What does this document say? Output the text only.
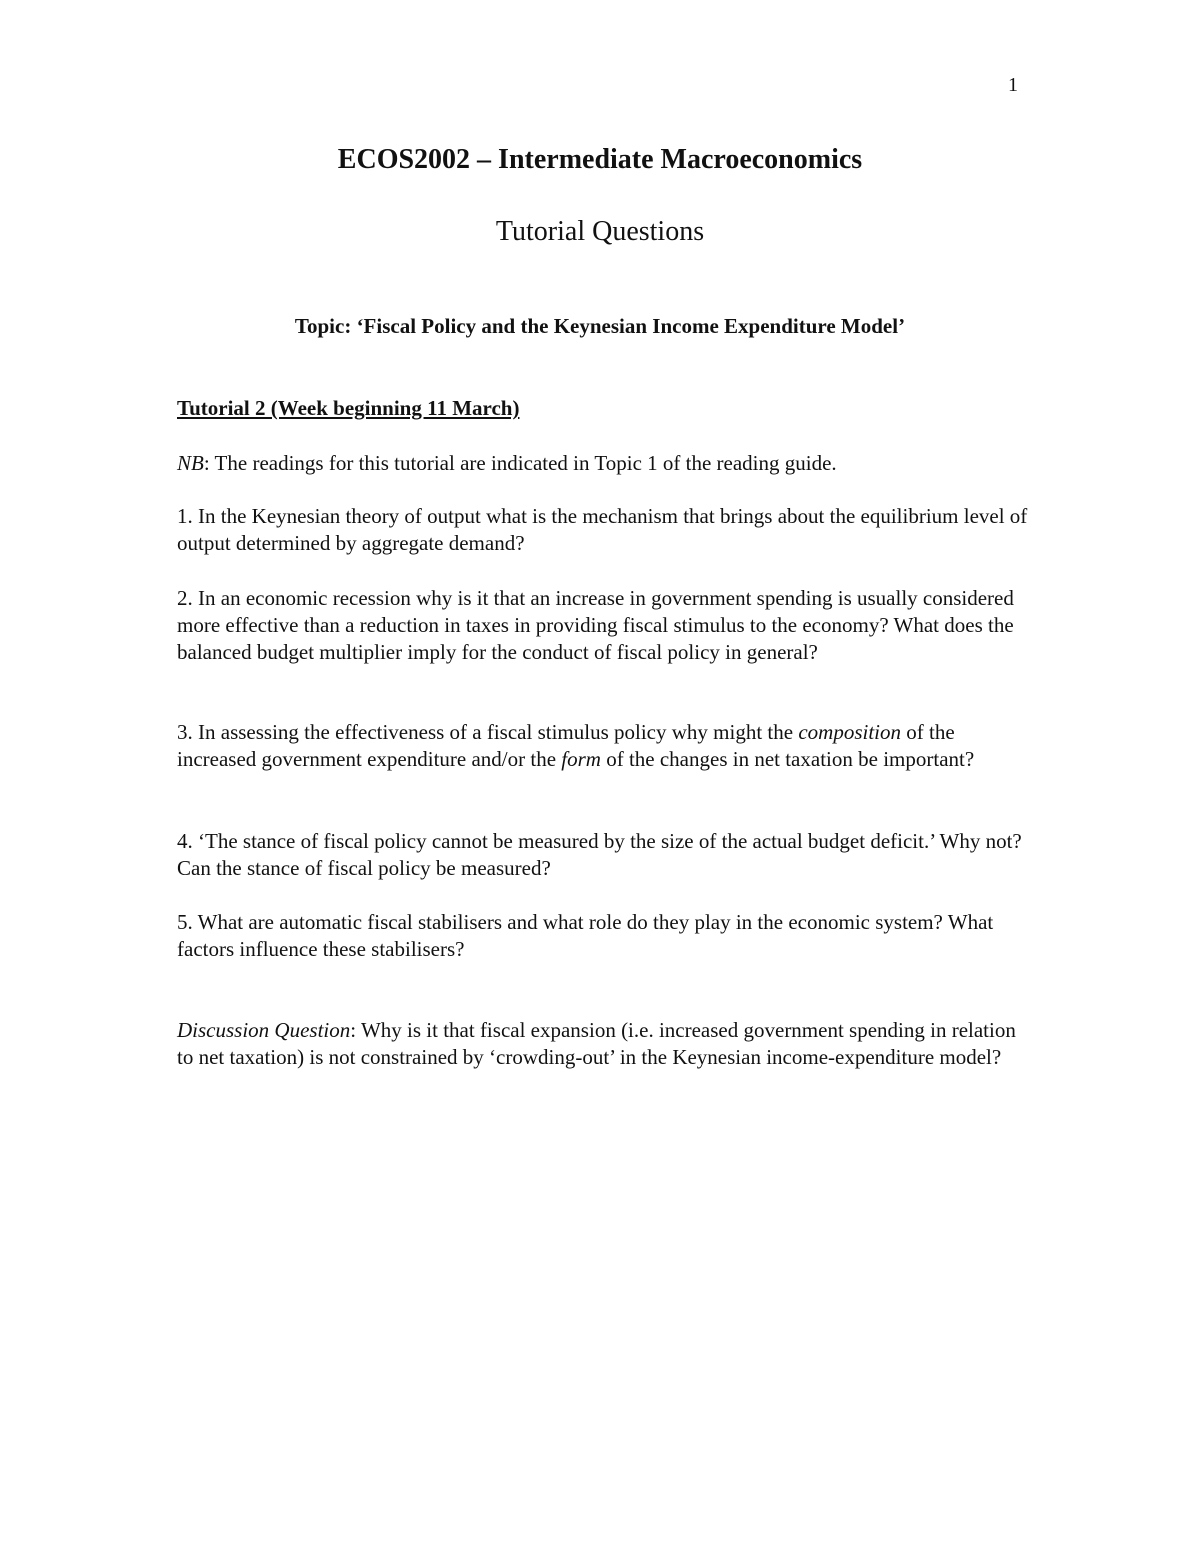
1
ECOS2002 – Intermediate Macroeconomics
Tutorial Questions
Topic: ‘Fiscal Policy and the Keynesian Income Expenditure Model’
Tutorial 2 (Week beginning 11 March)
NB: The readings for this tutorial are indicated in Topic 1 of the reading guide.
1. In the Keynesian theory of output what is the mechanism that brings about the equilibrium level of output determined by aggregate demand?
2. In an economic recession why is it that an increase in government spending is usually considered more effective than a reduction in taxes in providing fiscal stimulus to the economy? What does the balanced budget multiplier imply for the conduct of fiscal policy in general?
3. In assessing the effectiveness of a fiscal stimulus policy why might the composition of the increased government expenditure and/or the form of the changes in net taxation be important?
4. ‘The stance of fiscal policy cannot be measured by the size of the actual budget deficit.’ Why not? Can the stance of fiscal policy be measured?
5. What are automatic fiscal stabilisers and what role do they play in the economic system? What factors influence these stabilisers?
Discussion Question: Why is it that fiscal expansion (i.e. increased government spending in relation to net taxation) is not constrained by ‘crowding-out’ in the Keynesian income-expenditure model?
